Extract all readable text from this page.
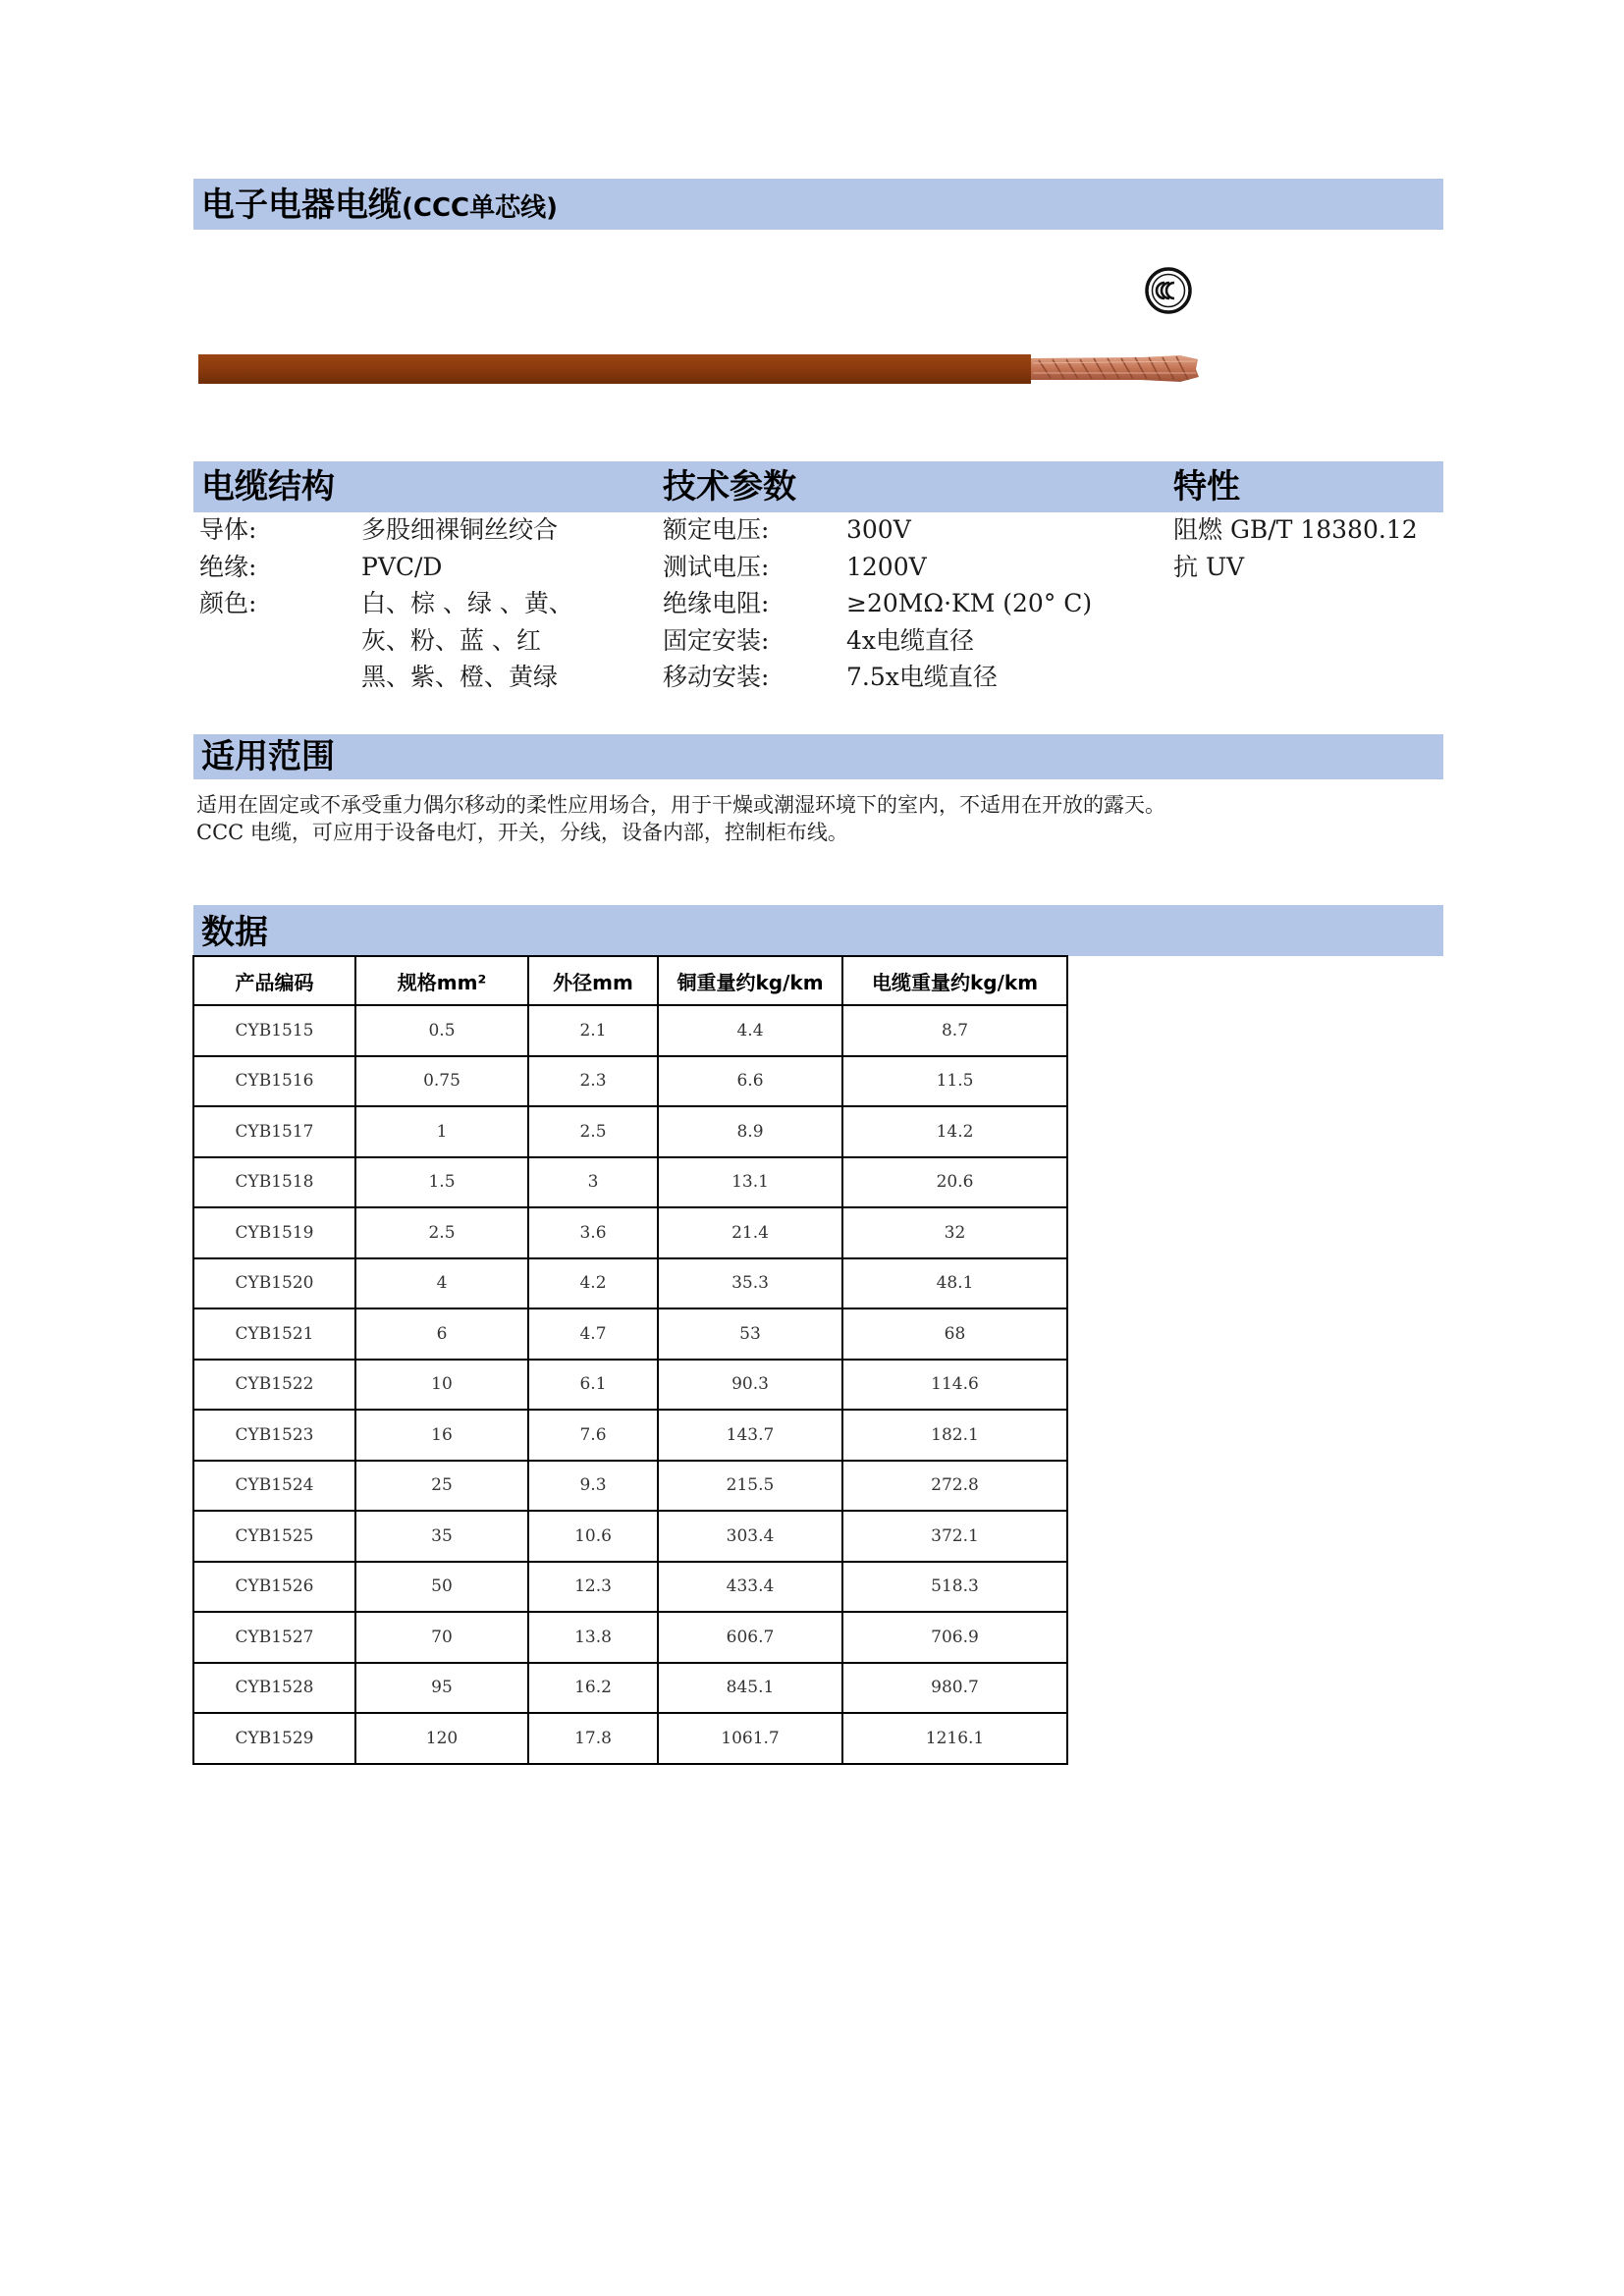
电子电器电缆(CCC单芯线)
电缆结构	技术参数	特性
导体:	多股细裸铜丝绞合
绝缘:	PVC/D
颜色:	白、棕 、绿 、黄、
灰、粉、蓝 、红
黑、紫、橙、黄绿
额定电压:	300V
测试电压:	1200V
绝缘电阻:	≥20MΩ·KM (20° C)
固定安装:	4x电缆直径
移动安装:	7.5x电缆直径
阻燃 GB/T 18380.12
抗 UV
适用范围
适用在固定或不承受重力偶尔移动的柔性应用场合，用于干燥或潮湿环境下的室内，不适用在开放的露天。
CCC 电缆，可应用于设备电灯，开关，分线，设备内部，控制柜布线。
数据
产品编码	规格mm²	外径mm	铜重量约kg/km	电缆重量约kg/km
CYB1515	0.5	2.1	4.4	8.7
CYB1516	0.75	2.3	6.6	11.5
CYB1517	1	2.5	8.9	14.2
CYB1518	1.5	3	13.1	20.6
CYB1519	2.5	3.6	21.4	32
CYB1520	4	4.2	35.3	48.1
CYB1521	6	4.7	53	68
CYB1522	10	6.1	90.3	114.6
CYB1523	16	7.6	143.7	182.1
CYB1524	25	9.3	215.5	272.8
CYB1525	35	10.6	303.4	372.1
CYB1526	50	12.3	433.4	518.3
CYB1527	70	13.8	606.7	706.9
CYB1528	95	16.2	845.1	980.7
CYB1529	120	17.8	1061.7	1216.1
